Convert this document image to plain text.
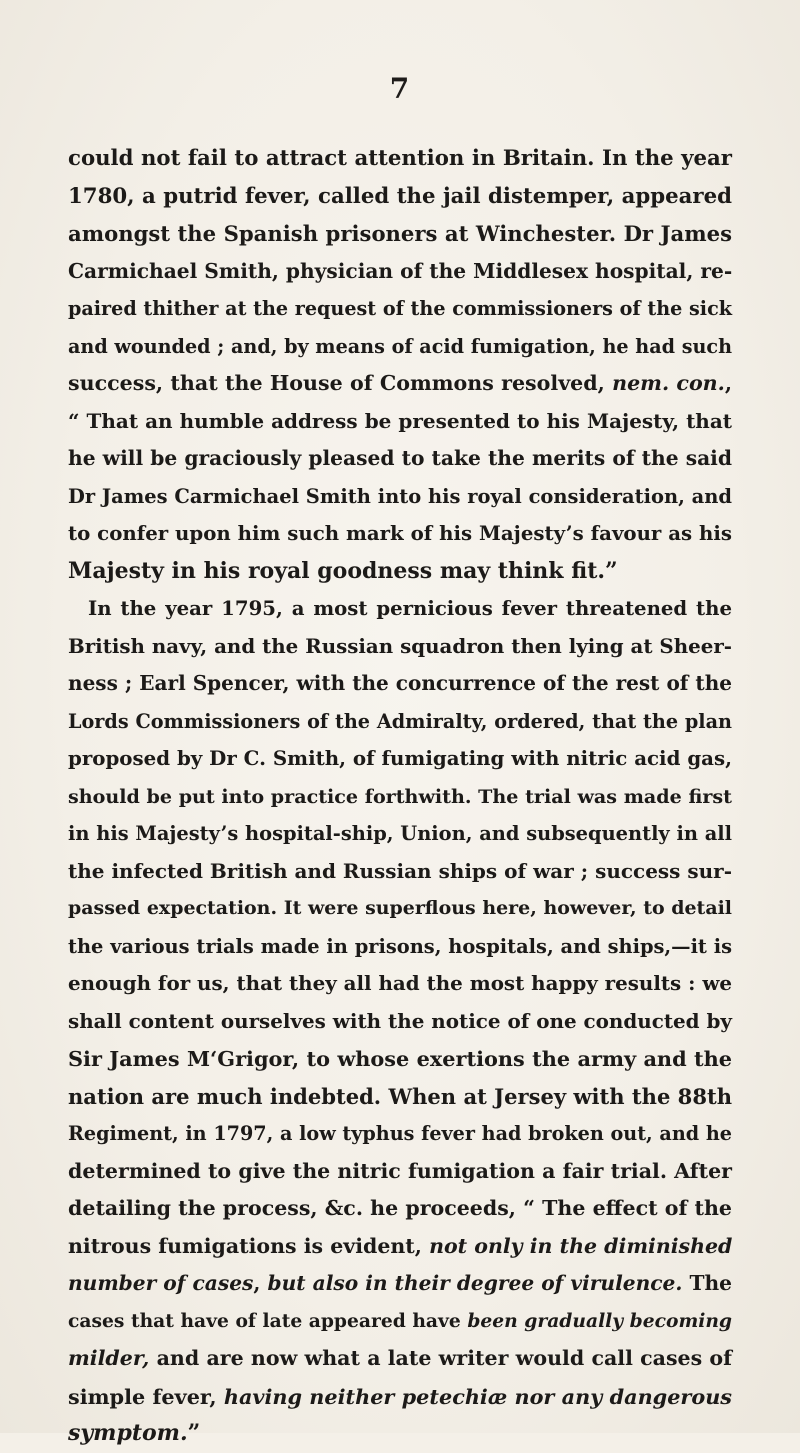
7
could not fail to attract attention in Britain. In the year
1780, a putrid fever, called the jail distemper, appeared
amongst the Spanish prisoners at Winchester. Dr James
Carmichael Smith, physician of the Middlesex hospital, re-
paired thither at the request of the commissioners of the sick
and wounded ; and, by means of acid fumigation, he had such
success, that the House of Commons resolved, nem. con.,
“ That an humble address be presented to his Majesty, that
he will be graciously pleased to take the merits of the said
Dr James Carmichael Smith into his royal consideration, and
to confer upon him such mark of his Majesty’s favour as his
Majesty in his royal goodness may think fit.”
In the year 1795, a most pernicious fever threatened the
British navy, and the Russian squadron then lying at Sheer-
ness ; Earl Spencer, with the concurrence of the rest of the
Lords Commissioners of the Admiralty, ordered, that the plan
proposed by Dr C. Smith, of fumigating with nitric acid gas,
should be put into practice forthwith. The trial was made first
in his Majesty’s hospital-ship, Union, and subsequently in all
the infected British and Russian ships of war ; success sur-
passed expectation. It were superflous here, however, to detail
the various trials made in prisons, hospitals, and ships,—it is
enough for us, that they all had the most happy results : we
shall content ourselves with the notice of one conducted by
Sir James M‘Grigor, to whose exertions the army and the
nation are much indebted. When at Jersey with the 88th
Regiment, in 1797, a low typhus fever had broken out, and he
determined to give the nitric fumigation a fair trial. After
detailing the process, &c. he proceeds, “ The effect of the
nitrous fumigations is evident, not only in the diminished
number of cases, but also in their degree of virulence. The
cases that have of late appeared have been gradually becoming
milder, and are now what a late writer would call cases of
simple fever, having neither petechiæ nor any dangerous
symptom.”
